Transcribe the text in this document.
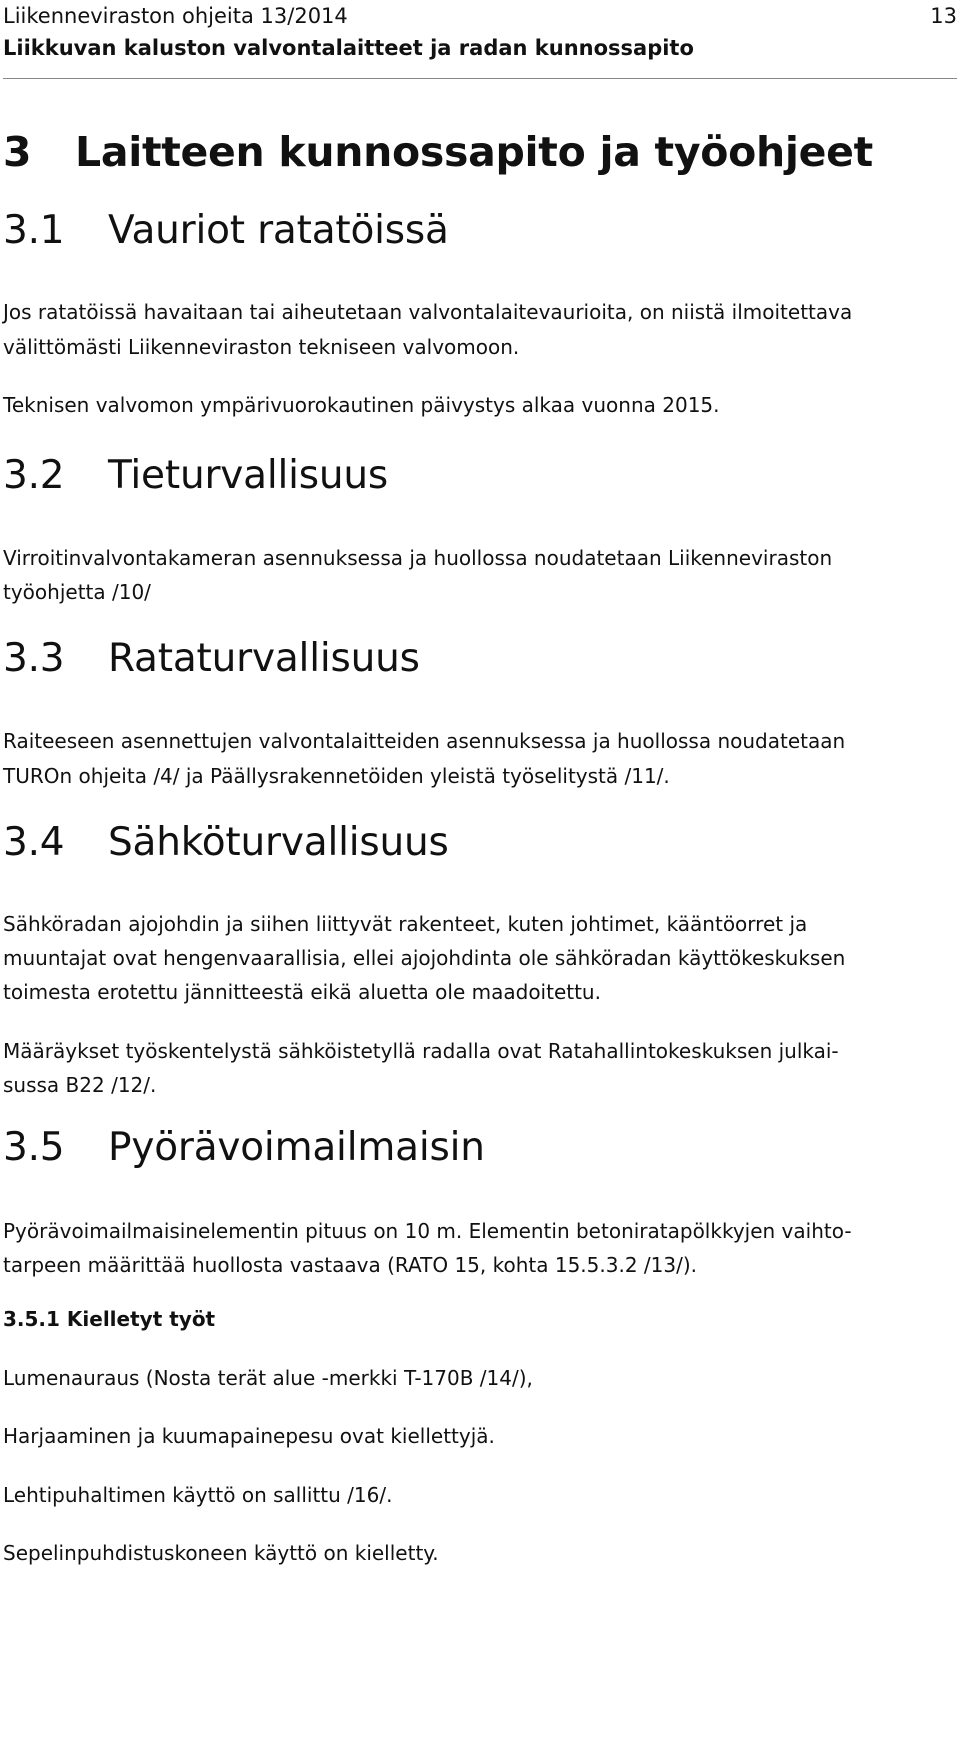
Liikenneviraston ohjeita 13/2014
Liikkuvan kaluston valvontalaitteet ja radan kunnossapito
13
3 Laitteen kunnossapito ja työohjeet
3.1 Vauriot ratatöissä
Jos ratatöissä havaitaan tai aiheutetaan valvontalaitevaurioita, on niistä ilmoitettava
välittömästi Liikenneviraston tekniseen valvomoon.
Teknisen valvomon ympärivuorokautinen päivystys alkaa vuonna 2015.
3.2 Tieturvallisuus
Virroitinvalvontakameran asennuksessa ja huollossa noudatetaan Liikenneviraston
työohjetta /10/
3.3 Rataturvallisuus
Raiteeseen asennettujen valvontalaitteiden asennuksessa ja huollossa noudatetaan
TUROn ohjeita /4/ ja Päällysrakennetöiden yleistä työselitystä /11/.
3.4 Sähköturvallisuus
Sähköradan ajojohdin ja siihen liittyvät rakenteet, kuten johtimet, kääntöorret ja
muuntajat ovat hengenvaarallisia, ellei ajojohdinta ole sähköradan käyttökeskuksen
toimesta erotettu jännitteestä eikä aluetta ole maadoitettu.
Määräykset työskentelystä sähköistetyllä radalla ovat Ratahallintokeskuksen julkai-
sussa B22 /12/.
3.5 Pyörävoimailmaisin
Pyörävoimailmaisinelementin pituus on 10 m. Elementin betoniratapölkkyjen vaihto-
tarpeen määrittää huollosta vastaava (RATO 15, kohta 15.5.3.2 /13/).
3.5.1 Kielletyt työt
Lumenauraus (Nosta terät alue -merkki T-170B /14/),
Harjaaminen ja kuumapainepesu ovat kiellettyjä.
Lehtipuhaltimen käyttö on sallittu /16/.
Sepelinpuhdistuskoneen käyttö on kielletty.
